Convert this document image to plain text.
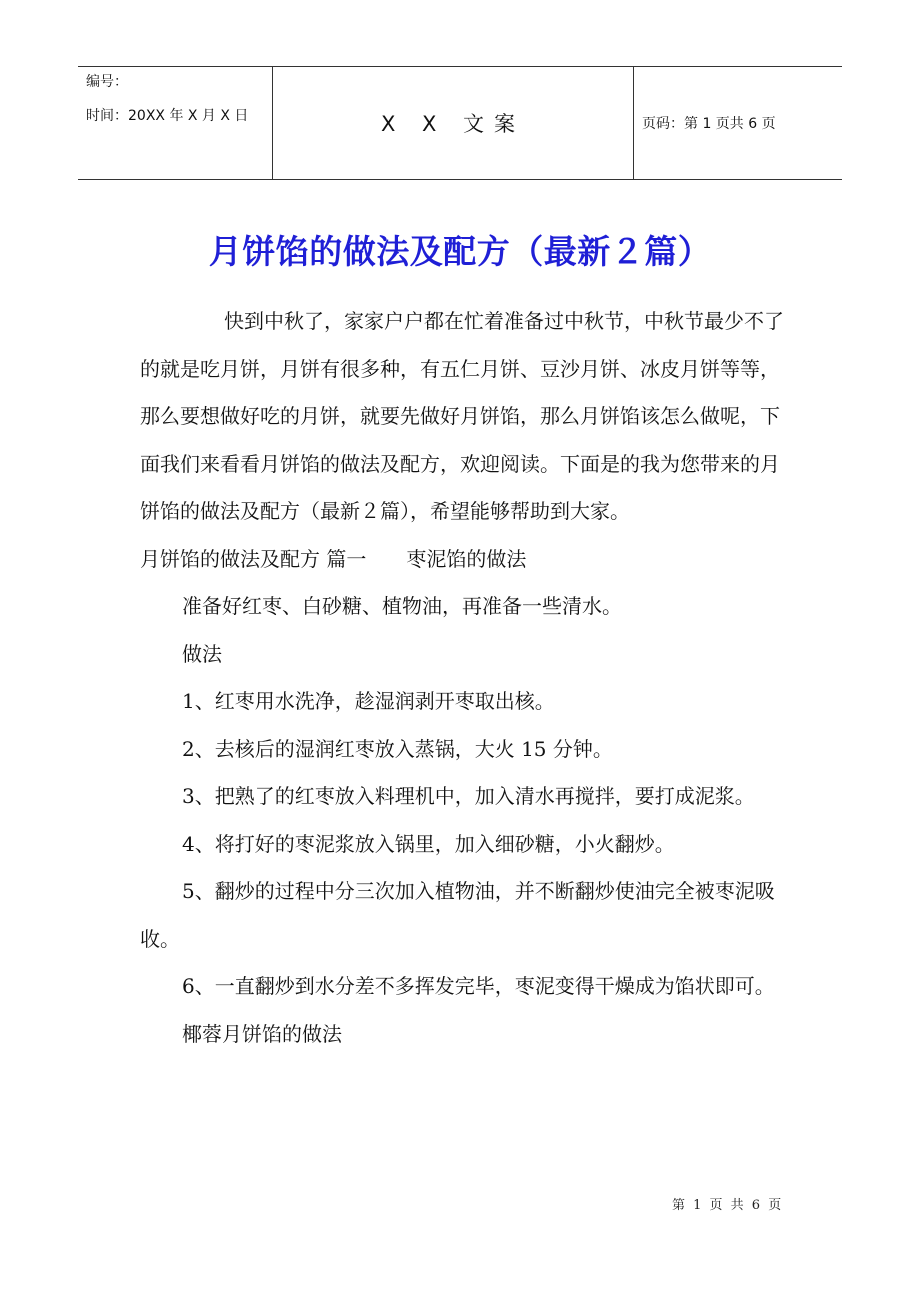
编号：
时间：20XX 年 X 月 X 日	X X 文案	页码：第 1 页共 6 页
月饼馅的做法及配方（最新２篇）

快到中秋了，家家户户都在忙着准备过中秋节，中秋节最少不了的就是吃月饼，月饼有很多种，有五仁月饼、豆沙月饼、冰皮月饼等等，那么要想做好吃的月饼，就要先做好月饼馅，那么月饼馅该怎么做呢，下面我们来看看月饼馅的做法及配方，欢迎阅读。下面是的我为您带来的月饼馅的做法及配方（最新２篇），希望能够帮助到大家。

月饼馅的做法及配方 篇一 枣泥馅的做法

准备好红枣、白砂糖、植物油，再准备一些清水。

做法

1、红枣用水洗净，趁湿润剥开枣取出核。

2、去核后的湿润红枣放入蒸锅，大火 15 分钟。

3、把熟了的红枣放入料理机中，加入清水再搅拌，要打成泥浆。

4、将打好的枣泥浆放入锅里，加入细砂糖，小火翻炒。

5、翻炒的过程中分三次加入植物油，并不断翻炒使油完全被枣泥吸收。

6、一直翻炒到水分差不多挥发完毕，枣泥变得干燥成为馅状即可。

椰蓉月饼馅的做法

第 1 页 共 6 页
